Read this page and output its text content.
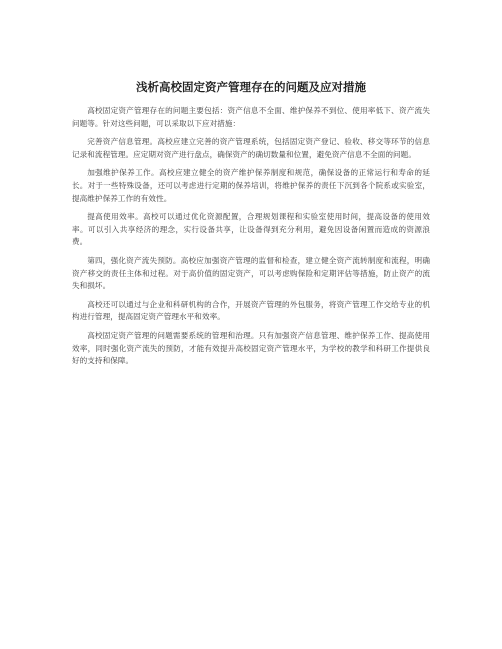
浅析高校固定资产管理存在的问题及应对措施

高校固定资产管理存在的问题主要包括：资产信息不全面、维护保养不到位、使用率低下、资产流失问题等。针对这些问题，可以采取以下应对措施：

完善资产信息管理。高校应建立完善的资产管理系统，包括固定资产登记、验收、移交等环节的信息记录和流程管理。应定期对资产进行盘点，确保资产的确切数量和位置，避免资产信息不全面的问题。

加强维护保养工作。高校应建立健全的资产维护保养制度和规范，确保设备的正常运行和寿命的延长。对于一些特殊设备，还可以考虑进行定期的保养培训，将维护保养的责任下沉到各个院系或实验室，提高维护保养工作的有效性。

提高使用效率。高校可以通过优化资源配置，合理规划课程和实验室使用时间，提高设备的使用效率。可以引入共享经济的理念，实行设备共享，让设备得到充分利用，避免因设备闲置而造成的资源浪费。

第四，强化资产流失预防。高校应加强资产管理的监督和检查，建立健全资产流转制度和流程，明确资产移交的责任主体和过程。对于高价值的固定资产，可以考虑购保险和定期评估等措施，防止资产的流失和损坏。

高校还可以通过与企业和科研机构的合作，开展资产管理的外包服务，将资产管理工作交给专业的机构进行管理，提高固定资产管理水平和效率。

高校固定资产管理的问题需要系统的管理和治理。只有加强资产信息管理、维护保养工作、提高使用效率，同时强化资产流失的预防，才能有效提升高校固定资产管理水平，为学校的教学和科研工作提供良好的支持和保障。
